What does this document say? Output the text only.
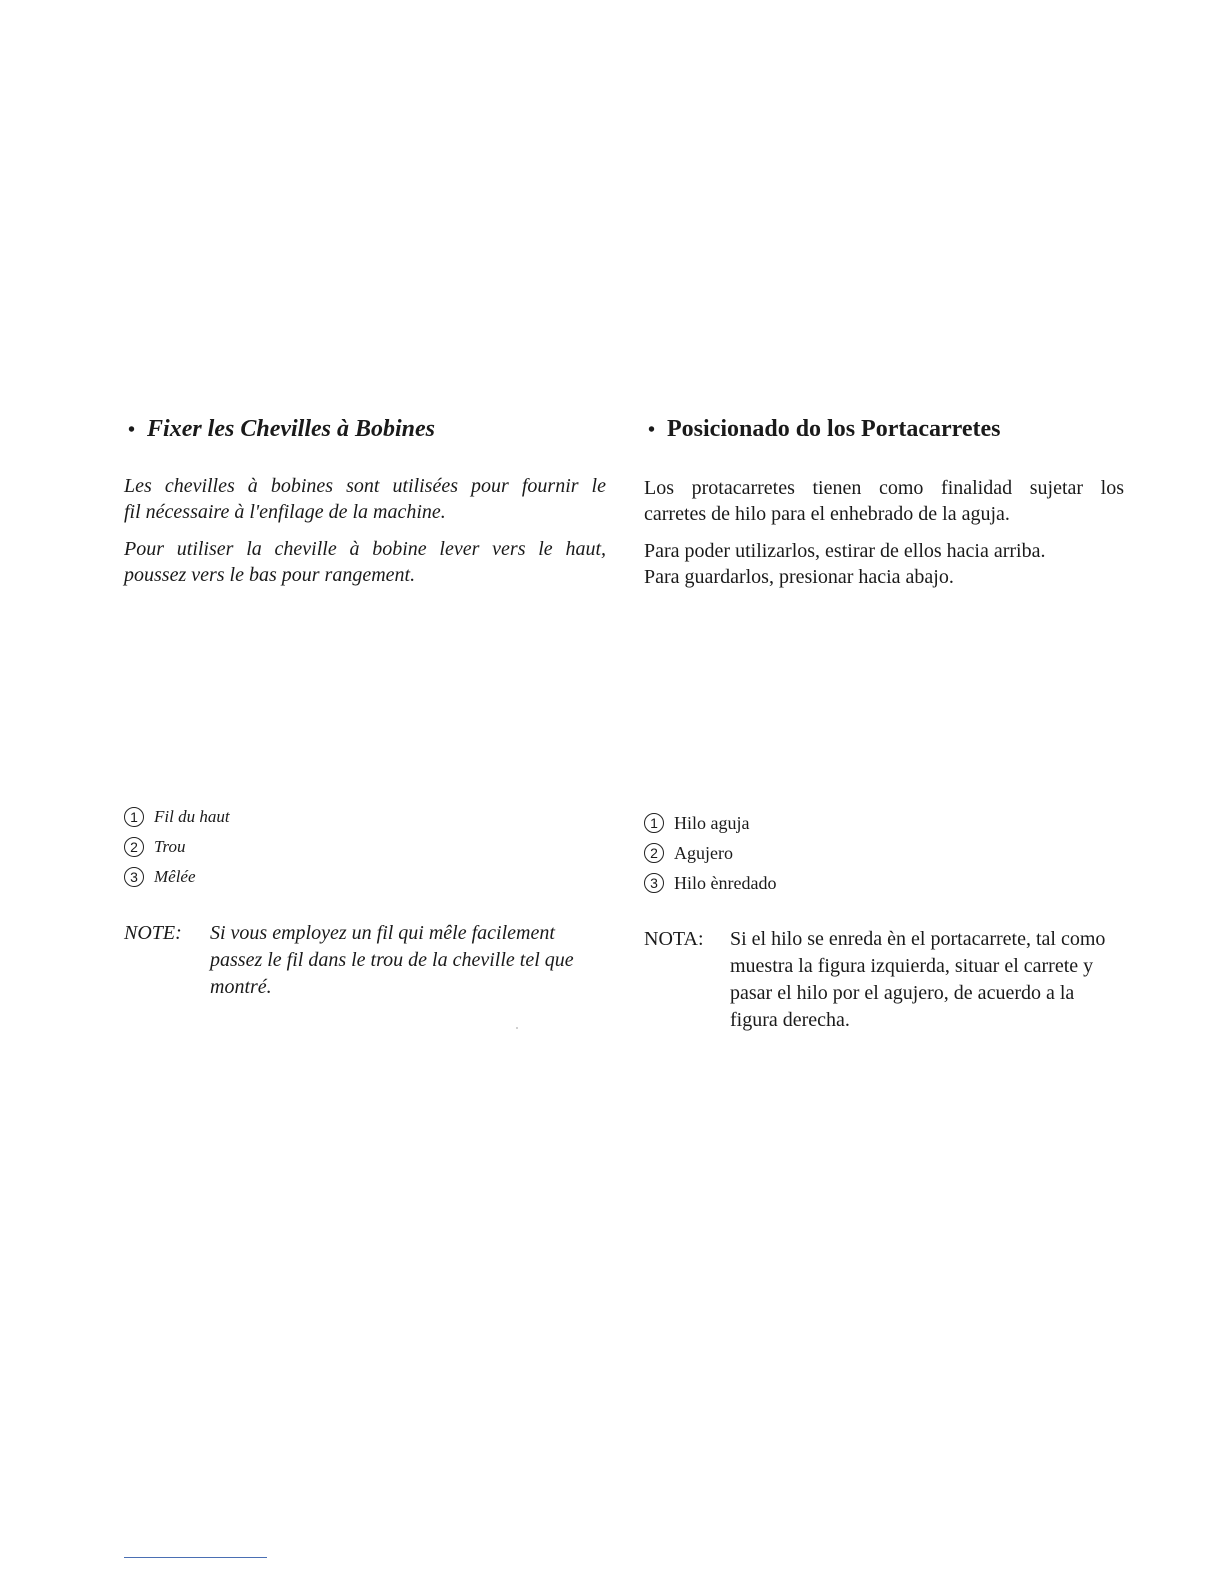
• Fixer les Chevilles à Bobines

Les chevilles à bobines sont utilisées pour fournir le
fil nécessaire à l'enfilage de la machine.

Pour utiliser la cheville à bobine lever vers le haut,
poussez vers le bas pour rangement.

1 Fil du haut
2 Trou
3 Mêlée
NOTE:	Si vous employez un fil qui mêle facilement
passez le fil dans le trou de la cheville tel que
montré.
• Posicionado do los Portacarretes

Los protacarretes tienen como finalidad sujetar los
carretes de hilo para el enhebrado de la aguja.

Para poder utilizarlos, estirar de ellos hacia arriba.
Para guardarlos, presionar hacia abajo.

1 Hilo aguja
2 Agujero
3 Hilo ènredado
NOTA:	Si el hilo se enreda èn el portacarrete, tal como
muestra la figura izquierda, situar el carrete y
pasar el hilo por el agujero, de acuerdo a la
figura derecha.
